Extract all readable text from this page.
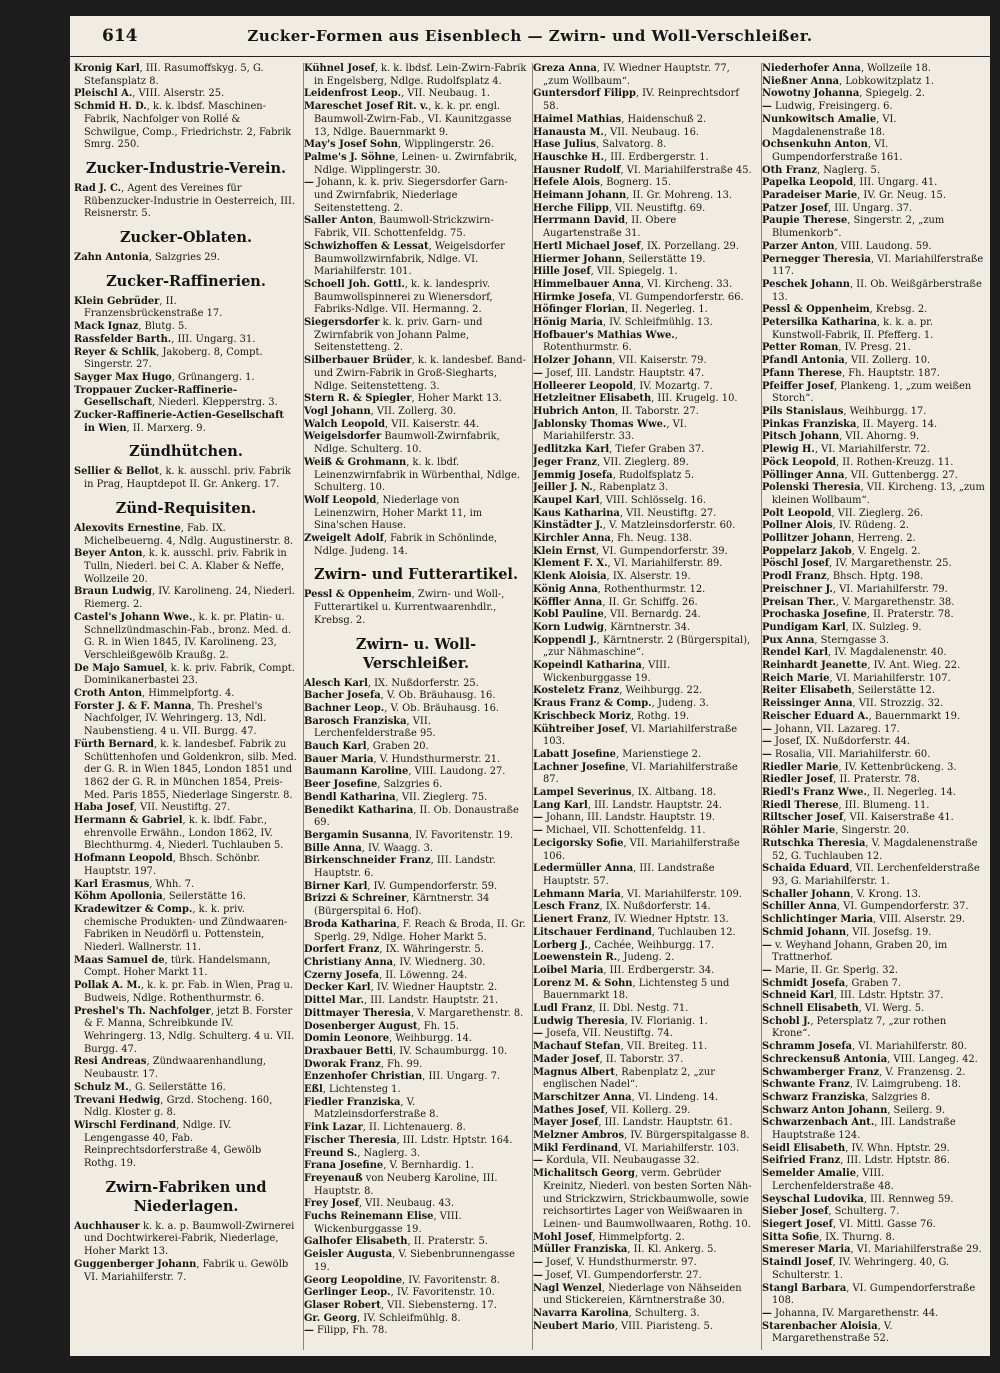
614	Zucker-Formen aus Eisenblech — Zwirn- und Woll-Verschleißer.

Kronig Karl, III. Rasumoffskyg. 5, G. Stefansplatz 8.

Pleischl A., VIII. Alserstr. 25.

Schmid H. D., k. k. lbdsf. Maschinen- Fabrik, Nachfolger von Rollé & Schwilgue, Comp., Friedrichstr. 2, Fabrik Smrg. 250.

Zucker-Industrie-Verein.

Rad J. C., Agent des Vereines für Rübenzucker-Industrie in Oesterreich, III. Reisnerstr. 5.

Zucker-Oblaten.

Zahn Antonia, Salzgries 29.

Zucker-Raffinerien.

Klein Gebrüder, II. Franzensbrückenstraße 17.

Mack Ignaz, Blutg. 5.

Rassfelder Barth., III. Ungarg. 31.

Reyer & Schlik, Jakoberg. 8, Compt. Singerstr. 27.

Sayger Max Hugo, Grünangerg. 1.

Troppauer Zucker-Raffinerie-Gesellschaft, Niederl. Klepperstrg. 3.

Zucker-Raffinerie-Actien-Gesellschaft in Wien, II. Marxerg. 9.

Zündhütchen.

Sellier & Bellot, k. k. ausschl. priv. Fabrik in Prag, Hauptdepot II. Gr. Ankerg. 17.

Zünd-Requisiten.

Alexovits Ernestine, Fab. IX. Michelbeuerng. 4, Ndlg. Augustinerstr. 8.

Beyer Anton, k. k. ausschl. priv. Fabrik in Tulln, Niederl. bei C. A. Klaber & Neffe, Wollzeile 20.

Braun Ludwig, IV. Karolineng. 24, Niederl. Riemerg. 2.

Castel's Johann Wwe., k. k. pr. Platin- u. Schnellzündmaschin-Fab., bronz. Med. d. G. R. in Wien 1845, IV. Karolineng. 23, Verschleißgewölb Kraußg. 2.

De Majo Samuel, k. k. priv. Fabrik, Compt. Dominikanerbastei 23.

Croth Anton, Himmelpfortg. 4.

Forster J. & F. Manna, Th. Preshel's Nachfolger, IV. Wehringerg. 13, Ndl. Naubenstieng. 4 u. VII. Burgg. 47.

Fürth Bernard, k. k. landesbef. Fabrik zu Schüttenhofen und Goldenkron, silb. Med. der G. R. in Wien 1845, London 1851 und 1862 der G. R. in München 1854, Preis-Med. Paris 1855, Niederlage Singerstr. 8.

Haba Josef, VII. Neustiftg. 27.

Hermann & Gabriel, k. k. lbdf. Fabr., ehrenvolle Erwähn., London 1862, IV. Blechthurmg. 4, Niederl. Tuchlauben 5.

Hofmann Leopold, Bhsch. Schönbr. Hauptstr. 197.

Karl Erasmus, Whh. 7.

Köhm Apollonia, Seilerstätte 16.

Kradewitzer & Comp., k. k. priv. chemische Produkten- und Zündwaaren-Fabriken in Neudörfl u. Pottenstein, Niederl. Wallnerstr. 11.

Maas Samuel de, türk. Handelsmann, Compt. Hoher Markt 11.

Pollak A. M., k. k. pr. Fab. in Wien, Prag u. Budweis, Ndlge. Rothenthurmstr. 6.

Preshel's Th. Nachfolger, jetzt B. Forster & F. Manna, Schreibkunde IV. Wehringerg. 13, Ndlg. Schulterg. 4 u. VII. Burgg. 47.

Resi Andreas, Zündwaarenhandlung, Neubaustr. 17.

Schulz M., G. Seilerstätte 16.

Trevani Hedwig, Grzd. Stocheng. 160, Ndlg. Kloster g. 8.

Wirschl Ferdinand, Ndlge. IV. Lengengasse 40, Fab. Reinprechtsdorferstraße 4, Gewölb Rothg. 19.

Zwirn-Fabriken und Niederlagen.

Auchhauser k. k. a. p. Baumwoll-Zwirnerei und Dochtwirkerei-Fabrik, Niederlage, Hoher Markt 13.

Guggenberger Johann, Fabrik u. Gewölb VI. Mariahilferstr. 7.

Kühnel Josef, k. k. lbdsf. Lein-Zwirn-Fabrik in Engelsberg, Ndlge. Rudolfsplatz 4.

Leidenfrost Leop., VII. Neubaug. 1.

Mareschet Josef Rit. v., k. k. pr. engl. Baumwoll-Zwirn-Fab., VI. Kaunitzgasse 13, Ndlge. Bauernmarkt 9.

May's Josef Sohn, Wipplingerstr. 26.

Palme's J. Söhne, Leinen- u. Zwirnfabrik, Ndlge. Wipplingerstr. 30.

— Johann, k. k. priv. Siegersdorfer Garn- und Zwirnfabrik, Niederlage Seitenstetteng. 2.

Saller Anton, Baumwoll-Strickzwirn-Fabrik, VII. Schottenfeldg. 75.

Schwizhoffen & Lessat, Weigelsdorfer Baumwollzwirnfabrik, Ndlge. VI. Mariahilferstr. 101.

Schoell Joh. Gottl., k. k. landespriv. Baumwollspinnerei zu Wienersdorf, Fabriks-Ndlge. VII. Hermanng. 2.

Siegersdorfer k. k. priv. Garn- und Zwirnfabrik von Johann Palme, Seitenstetteng. 2.

Silberbauer Brüder, k. k. landesbef. Band- und Zwirn-Fabrik in Groß-Siegharts, Ndlge. Seitenstetteng. 3.

Stern R. & Spiegler, Hoher Markt 13.

Vogl Johann, VII. Zollerg. 30.

Walch Leopold, VII. Kaiserstr. 44.

Weigelsdorfer Baumwoll-Zwirnfabrik, Ndlge. Schulterg. 10.

Weiß & Grohmann, k. k. lbdf. Leinenzwirnfabrik in Würbenthal, Ndlge. Schulterg. 10.

Wolf Leopold, Niederlage von Leinenzwirn, Hoher Markt 11, im Sina'schen Hause.

Zweigelt Adolf, Fabrik in Schönlinde, Ndlge. Judeng. 14.

Zwirn- und Futterartikel.

Pessl & Oppenheim, Zwirn- und Woll-, Futterartikel u. Kurrentwaarenhdlr., Krebsg. 2.

Zwirn- u. Woll-Verschleißer.

Alesch Karl, IX. Nußdorferstr. 25.

Bacher Josefa, V. Ob. Bräuhausg. 16.

Bachner Leop., V. Ob. Bräuhausg. 16.

Barosch Franziska, VII. Lerchenfelderstraße 95.

Bauch Karl, Graben 20.

Bauer Maria, V. Hundsthurmerstr. 21.

Baumann Karoline, VIII. Laudong. 27.

Beer Josefine, Salzgries 6.

Bendl Katharina, VII. Zieglerg. 75.

Benedikt Katharina, II. Ob. Donaustraße 69.

Bergamin Susanna, IV. Favoritenstr. 19.

Bille Anna, IV. Waagg. 3.

Birkenschneider Franz, III. Landstr. Hauptstr. 6.

Birner Karl, IV. Gumpendorferstr. 59.

Brizzi & Schreiner, Kärntnerstr. 34 (Bürgerspital 6. Hof).

Broda Katharina, F. Reach & Broda, II. Gr. Sperlg. 29, Ndlge. Hoher Markt 5.

Dorfert Franz, IX. Währingerstr. 5.

Christiany Anna, IV. Wiednerg. 30.

Czerny Josefa, II. Löwenng. 24.

Decker Karl, IV. Wiedner Hauptstr. 2.

Dittel Mar., III. Landstr. Hauptstr. 21.

Dittmayer Theresia, V. Margarethenstr. 8.

Dosenberger August, Fh. 15.

Domin Leonore, Weihburgg. 14.

Draxbauer Betti, IV. Schaumburgg. 10.

Dworak Franz, Fh. 99.

Enzenhofer Christian, III. Ungarg. 7.

Eßl, Lichtensteg 1.

Fiedler Franziska, V. Matzleinsdorferstraße 8.

Fink Lazar, II. Lichtenauerg. 8.

Fischer Theresia, III. Ldstr. Hptstr. 164.

Freund S., Naglerg. 3.

Frana Josefine, V. Bernhardig. 1.

Freyenauß von Neuberg Karoline, III. Hauptstr. 8.

Frey Josef, VII. Neubaug. 43.

Fuchs Reinemann Elise, VIII. Wickenburggasse 19.

Galhofer Elisabeth, II. Praterstr. 5.

Geisler Augusta, V. Siebenbrunnengasse 19.

Georg Leopoldine, IV. Favoritenstr. 8.

Gerlinger Leop., IV. Favoritenstr. 10.

Glaser Robert, VII. Siebensterng. 17.

Gr. Georg, IV. Schleifmühlg. 8.

— Filipp, Fh. 78.

Greza Anna, IV. Wiedner Hauptstr. 77, „zum Wollbaum“.

Guntersdorf Filipp, IV. Reinprechtsdorf 58.

Haimel Mathias, Haidenschuß 2.

Hanausta M., VII. Neubaug. 16.

Hase Julius, Salvatorg. 8.

Hauschke H., III. Erdbergerstr. 1.

Hausner Rudolf, VI. Mariahilferstraße 45.

Hefele Alois, Bognerg. 15.

Heimann Johann, II. Gr. Mohreng. 13.

Herche Filipp, VII. Neustiftg. 69.

Herrmann David, II. Obere Augartenstraße 31.

Hertl Michael Josef, IX. Porzellang. 29.

Hiermer Johann, Seilerstätte 19.

Hille Josef, VII. Spiegelg. 1.

Himmelbauer Anna, VI. Kircheng. 33.

Hirmke Josefa, VI. Gumpendorferstr. 66.

Höfinger Florian, II. Negerleg. 1.

Hönig Maria, IV. Schleifmühlg. 13.

Hofbauer's Mathias Wwe., Rotenthurmstr. 6.

Holzer Johann, VII. Kaiserstr. 79.

— Josef, III. Landstr. Hauptstr. 47.

Holleerer Leopold, IV. Mozartg. 7.

Hetzleitner Elisabeth, III. Krugelg. 10.

Hubrich Anton, II. Taborstr. 27.

Jablonsky Thomas Wwe., VI. Mariahilferstr. 33.

Jedlitzka Karl, Tiefer Graben 37.

Jeger Franz, VII. Zieglerg. 89.

Jemmig Josefa, Rudolfsplatz 5.

Jeiller J. N., Rabenplatz 3.

Kaupel Karl, VIII. Schlösselg. 16.

Kaus Katharina, VII. Neustiftg. 27.

Kinstädter J., V. Matzleinsdorferstr. 60.

Kirchler Anna, Fh. Neug. 138.

Klein Ernst, VI. Gumpendorferstr. 39.

Klement F. X., VI. Mariahilferstr. 89.

Klenk Aloisia, IX. Alserstr. 19.

König Anna, Rothenthurmstr. 12.

Köffler Anna, II. Gr. Schiffg. 26.

Kobl Pauline, VII. Bernardg. 24.

Korn Ludwig, Kärntnerstr. 34.

Koppendl J., Kärntnerstr. 2 (Bürgerspital), „zur Nähmaschine“.

Kopeindl Katharina, VIII. Wickenburggasse 19.

Kosteletz Franz, Weihburgg. 22.

Kraus Franz & Comp., Judeng. 3.

Krischbeck Moriz, Rothg. 19.

Kühtreiber Josef, VI. Mariahilferstraße 103.

Labatt Josefine, Marienstiege 2.

Lachner Josefine, VI. Mariahilferstraße 87.

Lampel Severinus, IX. Altbang. 18.

Lang Karl, III. Landstr. Hauptstr. 24.

— Johann, III. Landstr. Hauptstr. 19.

— Michael, VII. Schottenfeldg. 11.

Lecigorsky Sofie, VII. Mariahilferstraße 106.

Ledermüller Anna, III. Landstraße Hauptstr. 57.

Lehmann Maria, VI. Mariahilferstr. 109.

Lesch Franz, IX. Nußdorferstr. 14.

Lienert Franz, IV. Wiedner Hptstr. 13.

Litschauer Ferdinand, Tuchlauben 12.

Lorberg J., Cachée, Weihburgg. 17.

Loewenstein R., Judeng. 2.

Loibel Maria, III. Erdbergerstr. 34.

Lorenz M. & Sohn, Lichtensteg 5 und Bauernmarkt 18.

Ludl Franz, II. Dbl. Nestg. 71.

Ludwig Theresia, IV. Florianig. 1.

— Josefa, VII. Neustiftg. 74.

Machauf Stefan, VII. Breiteg. 11.

Mader Josef, II. Taborstr. 37.

Magnus Albert, Rabenplatz 2, „zur englischen Nadel“.

Marschitzer Anna, VI. Lindeng. 14.

Mathes Josef, VII. Kollerg. 29.

Mayer Josef, III. Landstr. Hauptstr. 61.

Melzner Ambros, IV. Bürgerspitalgasse 8.

Mikl Ferdinand, VI. Mariahilferstr. 103.

— Kordula, VII. Neubaugasse 32.

Michalitsch Georg, verm. Gebrüder Kreinitz, Niederl. von besten Sorten Näh- und Strickzwirn, Strickbaumwolle, sowie reichsortirtes Lager von Weißwaaren in Leinen- und Baumwollwaaren, Rothg. 10.

Mohl Josef, Himmelpfortg. 2.

Müller Franziska, II. Kl. Ankerg. 5.

— Josef, V. Hundsthurmerstr. 97.

— Josef, VI. Gumpendorferstr. 27.

Nagl Wenzel, Niederlage von Nähseiden und Stickereien, Kärntnerstraße 30.

Navarra Karolina, Schulterg. 3.

Neubert Mario, VIII. Piaristeng. 5.

Niederhofer Anna, Wollzeile 18.

Nießner Anna, Lobkowitzplatz 1.

Nowotny Johanna, Spiegelg. 2.

— Ludwig, Freisingerg. 6.

Nunkowitsch Amalie, VI. Magdalenenstraße 18.

Ochsenkuhn Anton, VI. Gumpendorferstraße 161.

Oth Franz, Naglerg. 5.

Papelka Leopold, III. Ungarg. 41.

Paradeiser Marie, IV. Gr. Neug. 15.

Patzer Josef, III. Ungarg. 37.

Paupie Therese, Singerstr. 2, „zum Blumenkorb“.

Parzer Anton, VIII. Laudong. 59.

Pernegger Theresia, VI. Mariahilferstraße 117.

Peschek Johann, II. Ob. Weißgärberstraße 13.

Pessl & Oppenheim, Krebsg. 2.

Petersilka Katharina, k. k. a. pr. Kunstwoll-Fabrik, II. Pfefferg. 1.

Petter Roman, IV. Presg. 21.

Pfandl Antonia, VII. Zollerg. 10.

Pfann Therese, Fh. Hauptstr. 187.

Pfeiffer Josef, Plankeng. 1, „zum weißen Storch“.

Pils Stanislaus, Weihburgg. 17.

Pinkas Franziska, II. Mayerg. 14.

Pitsch Johann, VII. Ahorng. 9.

Plewig H., VI. Mariahilferstr. 72.

Pöck Leopold, II. Rothen-Kreuzg. 11.

Pöllinger Anna, VII. Guttenbergg. 27.

Polenski Theresia, VII. Kircheng. 13, „zum kleinen Wollbaum“.

Polt Leopold, VII. Zieglerg. 26.

Pollner Alois, IV. Rüdeng. 2.

Pollitzer Johann, Herreng. 2.

Poppelarz Jakob, V. Engelg. 2.

Pöschl Josef, IV. Margarethenstr. 25.

Prodl Franz, Bhsch. Hptg. 198.

Preischner J., VI. Mariahilferstr. 79.

Preisan Ther., V. Margarethenstr. 38.

Prochaska Josefine, II. Praterstr. 78.

Pundigam Karl, IX. Sulzleg. 9.

Pux Anna, Sterngasse 3.

Rendel Karl, IV. Magdalenenstr. 40.

Reinhardt Jeanette, IV. Ant. Wieg. 22.

Reich Marie, VI. Mariahilferstr. 107.

Reiter Elisabeth, Seilerstätte 12.

Reissinger Anna, VII. Strozzig. 32.

Reischer Eduard A., Bauernmarkt 19.

— Johann, VII. Lazareg. 17.

— Josef, IX. Nußdorferstr. 44.

— Rosalia, VII. Mariahilferstr. 60.

Riedler Marie, IV. Kettenbrückeng. 3.

Riedler Josef, II. Praterstr. 78.

Riedl's Franz Wwe., II. Negerleg. 14.

Riedl Therese, III. Blumeng. 11.

Riltscher Josef, VII. Kaiserstraße 41.

Röhler Marie, Singerstr. 20.

Rutschka Theresia, V. Magdalenenstraße 52, G. Tuchlauben 12.

Schaida Eduard, VII. Lerchenfelderstraße 93, G. Mariahilferstr. 1.

Schaller Johann, V. Krong. 13.

Schiller Anna, VI. Gumpendorferstr. 37.

Schlichtinger Maria, VIII. Alserstr. 29.

Schmid Johann, VII. Josefsg. 19.

— v. Weyhand Johann, Graben 20, im Trattnerhof.

— Marie, II. Gr. Sperlg. 32.

Schmidt Josefa, Graben 7.

Schneid Karl, III. Ldstr. Hptstr. 37.

Schnell Elisabeth, VI. Werg. 5.

Schobl J., Petersplatz 7, „zur rothen Krone“.

Schramm Josefa, VI. Mariahilferstr. 80.

Schreckensuß Antonia, VIII. Langeg. 42.

Schwamberger Franz, V. Franzensg. 2.

Schwante Franz, IV. Laimgrubeng. 18.

Schwarz Franziska, Salzgries 8.

Schwarz Anton Johann, Seilerg. 9.

Schwarzenbach Ant., III. Landstraße Hauptstraße 124.

Seidl Elisabeth, IV. Whn. Hptstr. 29.

Seifried Franz, III. Ldstr. Hptstr. 86.

Semelder Amalie, VIII. Lerchenfelderstraße 48.

Seyschal Ludovika, III. Rennweg 59.

Sieber Josef, Schulterg. 7.

Siegert Josef, VI. Mittl. Gasse 76.

Sitta Sofie, IX. Thurng. 8.

Smereser Maria, VI. Mariahilferstraße 29.

Staindl Josef, IV. Wehringerg. 40, G. Schulterstr. 1.

Stangl Barbara, VI. Gumpendorferstraße 108.

— Johanna, IV. Margarethenstr. 44.

Starenbacher Aloisia, V. Margarethenstraße 52.
